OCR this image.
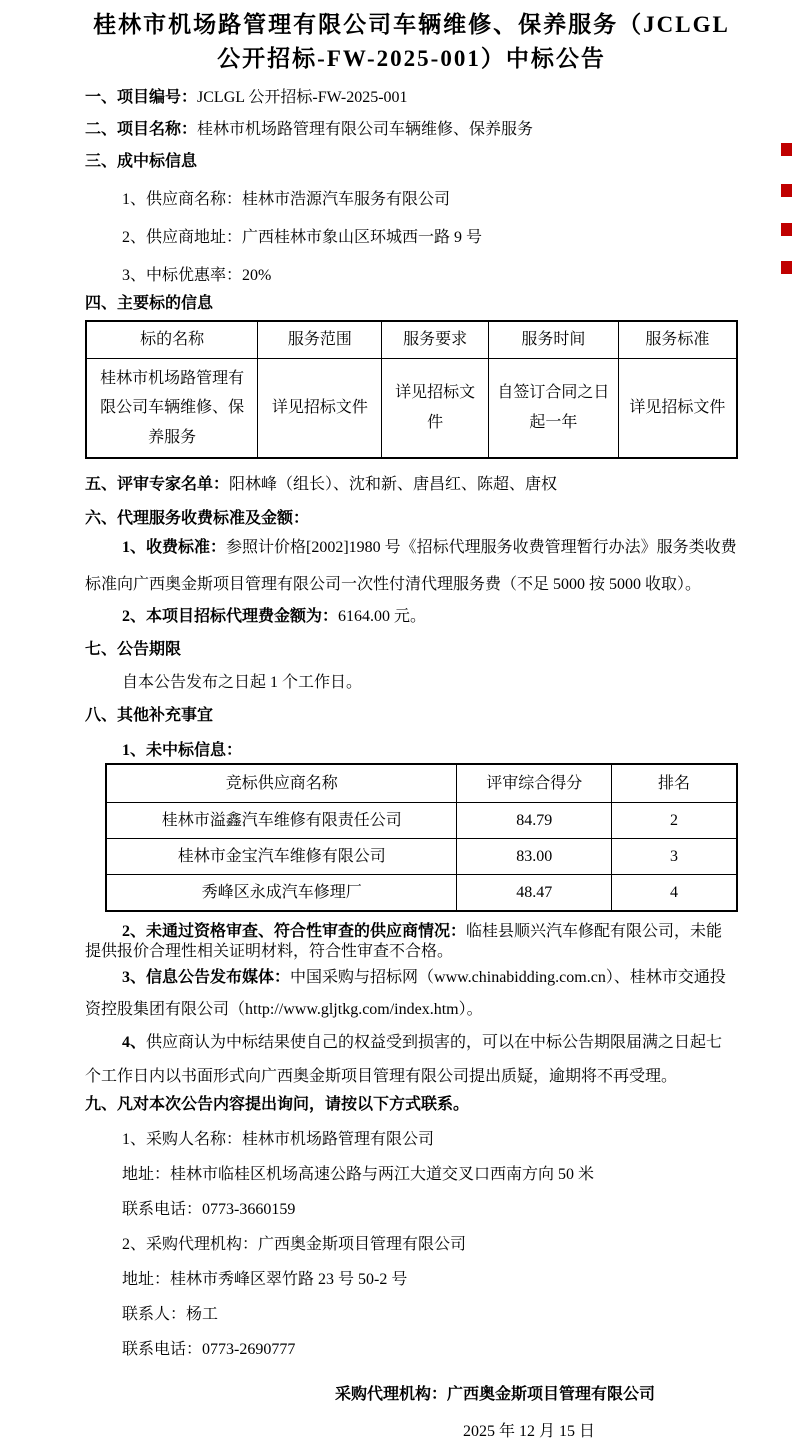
桂林市机场路管理有限公司车辆维修、保养服务（JCLGL
公开招标-FW-2025-001）中标公告

一、项目编号：JCLGL 公开招标-FW-2025-001

二、项目名称：桂林市机场路管理有限公司车辆维修、保养服务

三、成中标信息

1、供应商名称：桂林市浩源汽车服务有限公司

2、供应商地址：广西桂林市象山区环城西一路 9 号

3、中标优惠率：20%

四、主要标的信息

标的名称	服务范围	服务要求	服务时间	服务标准
桂林市机场路管理有限公司车辆维修、保养服务	详见招标文件	详见招标文件	自签订合同之日起一年	详见招标文件

五、评审专家名单：阳林峰（组长）、沈和新、唐昌红、陈超、唐权

六、代理服务收费标准及金额：

1、收费标准：参照计价格[2002]1980 号《招标代理服务收费管理暂行办法》服务类收费标准向广西奥金斯项目管理有限公司一次性付清代理服务费（不足 5000 按 5000 收取）。

2、本项目招标代理费金额为：6164.00 元。

七、公告期限

自本公告发布之日起 1 个工作日。

八、其他补充事宜

1、未中标信息：

竞标供应商名称	评审综合得分	排名
桂林市溢鑫汽车维修有限责任公司	84.79	2
桂林市金宝汽车维修有限公司	83.00	3
秀峰区永成汽车修理厂	48.47	4

2、未通过资格审查、符合性审查的供应商情况：临桂县顺兴汽车修配有限公司，未能提供报价合理性相关证明材料，符合性审查不合格。

3、信息公告发布媒体：中国采购与招标网（www.chinabidding.com.cn）、桂林市交通投资控股集团有限公司（http://www.gljtkg.com/index.htm）。

4、供应商认为中标结果使自己的权益受到损害的，可以在中标公告期限届满之日起七个工作日内以书面形式向广西奥金斯项目管理有限公司提出质疑，逾期将不再受理。

九、凡对本次公告内容提出询问，请按以下方式联系。

1、采购人名称：桂林市机场路管理有限公司

地址：桂林市临桂区机场高速公路与两江大道交叉口西南方向 50 米

联系电话：0773-3660159

2、采购代理机构：广西奥金斯项目管理有限公司

地址：桂林市秀峰区翠竹路 23 号 50-2 号

联系人：杨工

联系电话：0773-2690777

采购代理机构：广西奥金斯项目管理有限公司

2025 年 12 月 15 日
